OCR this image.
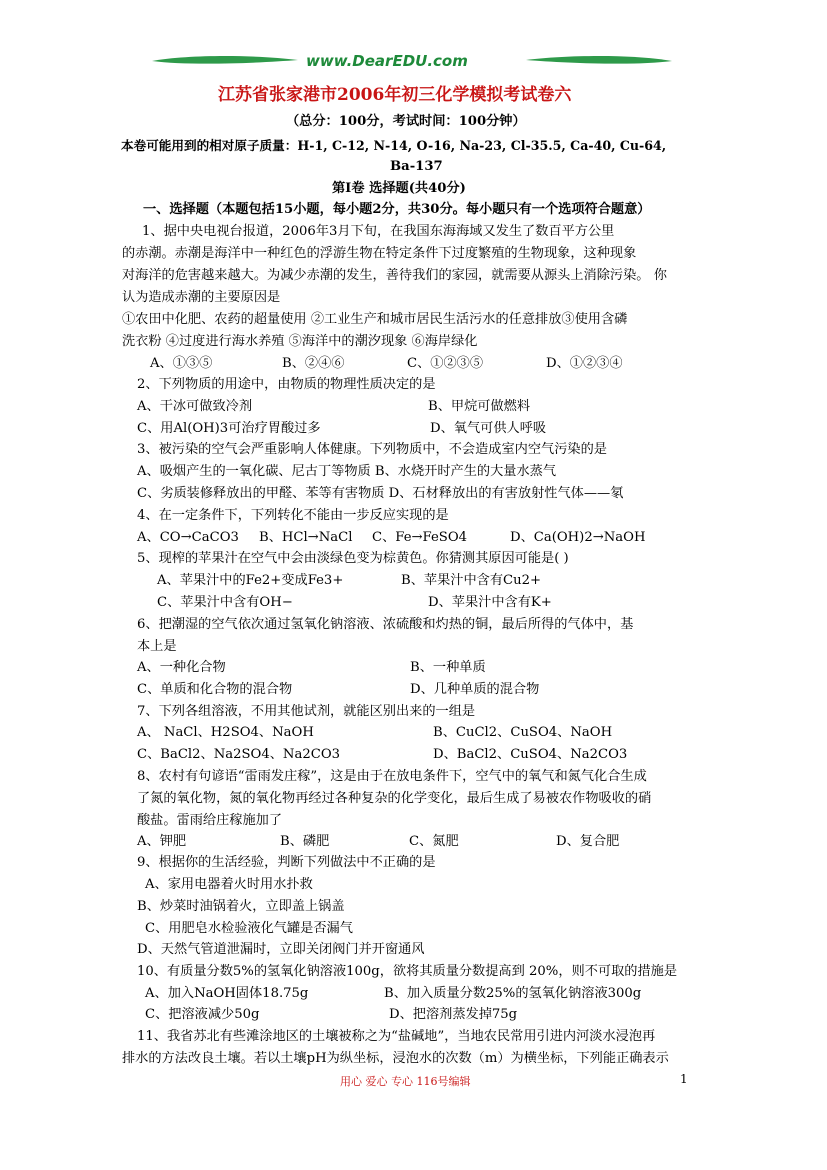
www.DearEDU.com
江苏省张家港市2006年初三化学模拟考试卷六
（总分：100分，考试时间：100分钟）
本卷可能用到的相对原子质量：H-1, C-12, N-14, O-16, Na-23, Cl-35.5, Ca-40, Cu-64,
Ba-137
第Ⅰ卷 选择题(共40分)
一、选择题（本题包括15小题，每小题2分，共30分。每小题只有一个选项符合题意）
1、据中央电视台报道，2006年3月下旬，在我国东海海域又发生了数百平方公里
的赤潮。赤潮是海洋中一种红色的浮游生物在特定条件下过度繁殖的生物现象，这种现象
对海洋的危害越来越大。为减少赤潮的发生，善待我们的家园，就需要从源头上消除污染。 你
认为造成赤潮的主要原因是
①农田中化肥、农药的超量使用 ②工业生产和城市居民生活污水的任意排放③使用含磷
洗衣粉 ④过度进行海水养殖 ⑤海洋中的潮汐现象 ⑥海岸绿化
A、①③⑤	B、②④⑥	C、①②③⑤	D、①②③④
2、下列物质的用途中，由物质的物理性质决定的是
A、干冰可做致冷剂	B、甲烷可做燃料
C、用Al(OH)3可治疗胃酸过多	D、氧气可供人呼吸
3、被污染的空气会严重影响人体健康。下列物质中，不会造成室内空气污染的是
A、吸烟产生的一氧化碳、尼古丁等物质 B、水烧开时产生的大量水蒸气
C、劣质装修释放出的甲醛、苯等有害物质 D、石材释放出的有害放射性气体——氡
4、在一定条件下，下列转化不能由一步反应实现的是
A、CO→CaCO3 B、HCl→NaCl C、Fe→FeSO4	D、Ca(OH)2→NaOH
5、现榨的苹果汁在空气中会由淡绿色变为棕黄色。你猜测其原因可能是( )
A、苹果汁中的Fe2+变成Fe3+	B、苹果汁中含有Cu2+
C、苹果汁中含有OH−	D、苹果汁中含有K+
6、把潮湿的空气依次通过氢氧化钠溶液、浓硫酸和灼热的铜，最后所得的气体中，基
本上是
A、一种化合物	B、一种单质
C、单质和化合物的混合物	D、几种单质的混合物
7、下列各组溶液，不用其他试剂，就能区别出来的一组是
A、 NaCl、H2SO4、NaOH	B、CuCl2、CuSO4、NaOH
C、BaCl2、Na2SO4、Na2CO3	D、BaCl2、CuSO4、Na2CO3
8、农村有句谚语“雷雨发庄稼”，这是由于在放电条件下，空气中的氧气和氮气化合生成
了氮的氧化物，氮的氧化物再经过各种复杂的化学变化，最后生成了易被农作物吸收的硝
酸盐。雷雨给庄稼施加了
A、钾肥	B、磷肥	C、氮肥	D、复合肥
9、根据你的生活经验，判断下列做法中不正确的是
A、家用电器着火时用水扑救
B、炒菜时油锅着火，立即盖上锅盖
C、用肥皂水检验液化气罐是否漏气
D、天然气管道泄漏时，立即关闭阀门并开窗通风
10、有质量分数5%的氢氧化钠溶液100g，欲将其质量分数提高到 20%，则不可取的措施是
A、加入NaOH固体18.75g	B、加入质量分数25%的氢氧化钠溶液300g
C、把溶液减少50g	D、把溶剂蒸发掉75g
11、我省苏北有些滩涂地区的土壤被称之为“盐碱地”，当地农民常用引进内河淡水浸泡再
排水的方法改良土壤。若以土壤pH为纵坐标，浸泡水的次数（m）为横坐标，下列能正确表示
用心 爱心 专心 116号编辑	1
